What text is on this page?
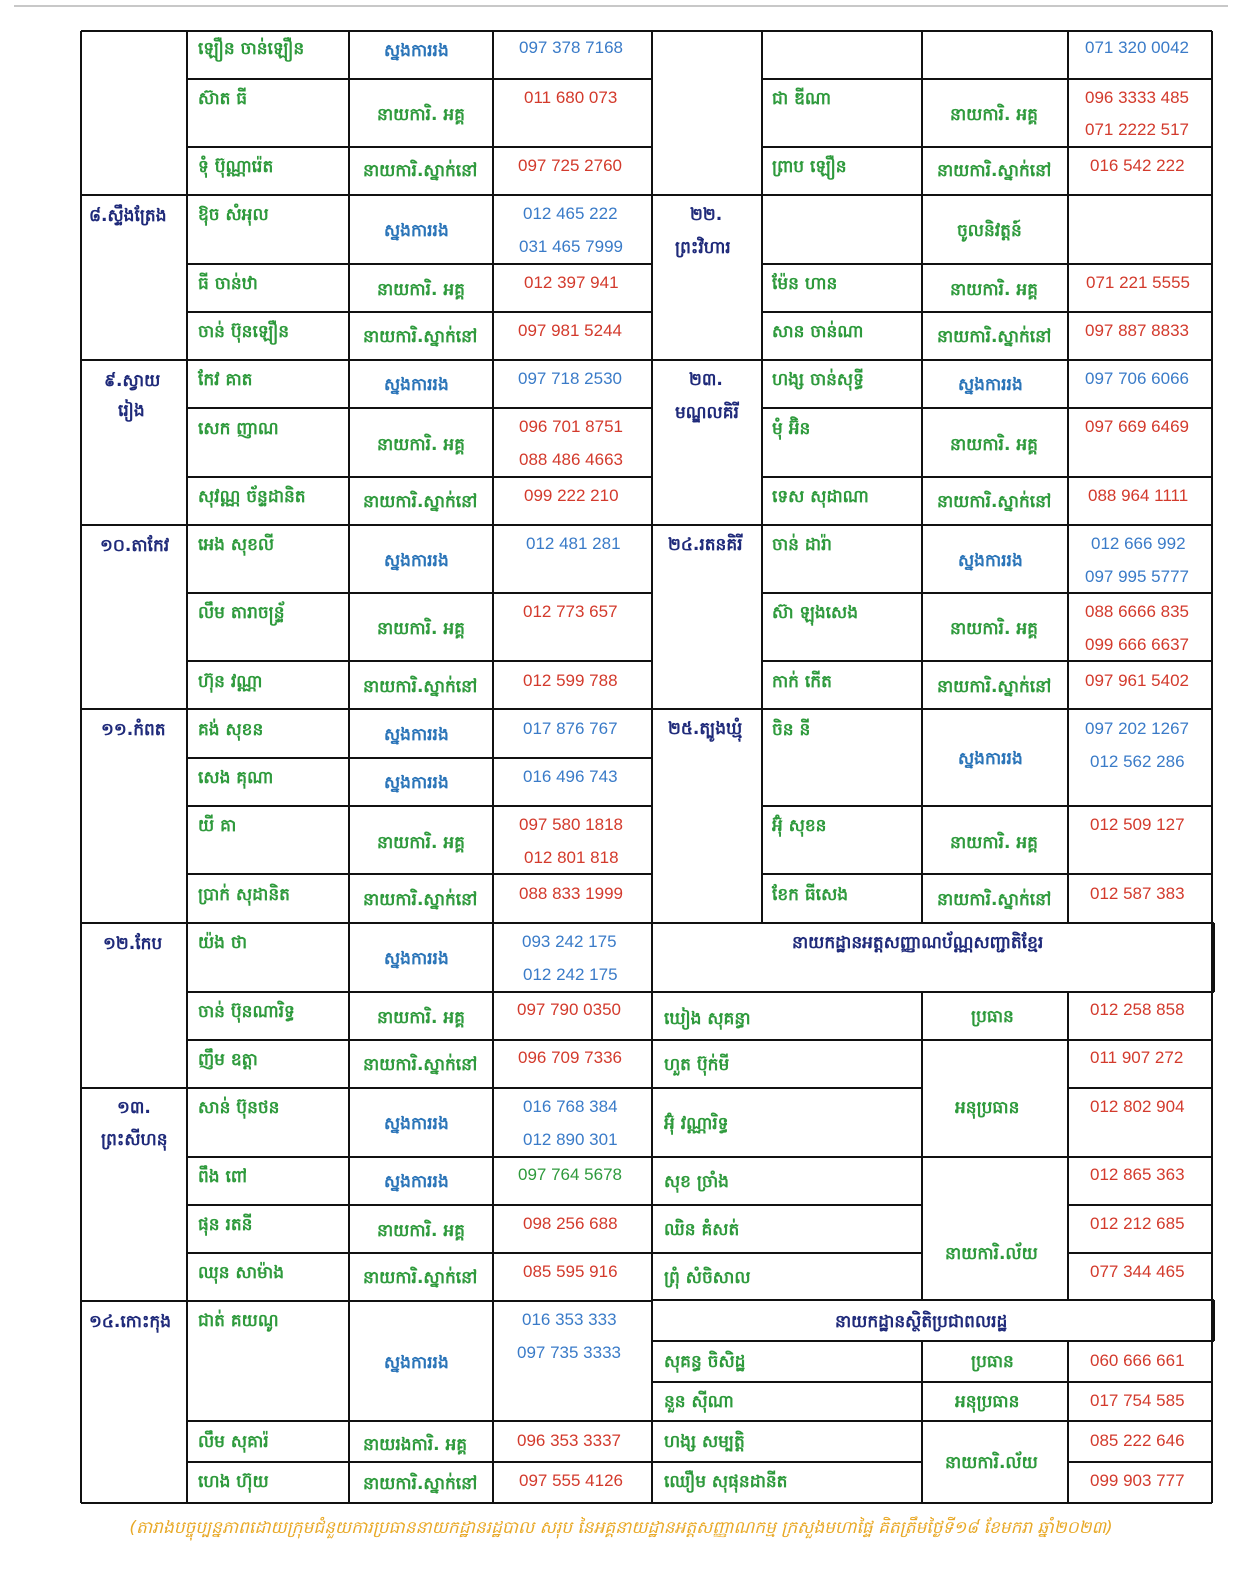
៨.ស្ទឹងត្រែង
៩.ស្វាយ
រៀង
១០.តាកែវ
១១.កំពត
១២.កែប
១៣.
ព្រះសីហនុ
១៤.កោះកុង
ឡឿន ចាន់ឡឿន
ស៊ាត ធី
ទុំ ប៊ុណ្ណារ៉េត
ឱុច សំអុល
ធី ចាន់ឋា
ចាន់ ប៊ុនឡឿន
កែវ គាត
សេក ញាណ
សុវណ្ណ ច័ន្ទដានិត
អេង សុខលី
លឹម តារាចន្ទ្រ័
ហ៊ុន វណ្ណា
គង់ សុខន
សេង គុណា
យី គា
ប្រាក់ សុដានិត
យ៉ង ថា
ចាន់ ប៊ុនណារិទ្ធ
ញឹម ឧត្តា
សាន់ ប៊ុនថន
ពឹង ពៅ
ផុន រតនី
ឈុន សាម៉ាង
ជាត់ គយណូ
លឹម សុគារ៉
ហេង ហ៊ុយ
ស្នងការរង
នាយការិ. អគ្គ
នាយការិ.ស្នាក់នៅ
ស្នងការរង
នាយការិ. អគ្គ
នាយការិ.ស្នាក់នៅ
ស្នងការរង
នាយការិ. អគ្គ
នាយការិ.ស្នាក់នៅ
ស្នងការរង
នាយការិ. អគ្គ
នាយការិ.ស្នាក់នៅ
ស្នងការរង
ស្នងការរង
នាយការិ. អគ្គ
នាយការិ.ស្នាក់នៅ
ស្នងការរង
នាយការិ. អគ្គ
នាយការិ.ស្នាក់នៅ
ស្នងការរង
ស្នងការរង
នាយការិ. អគ្គ
នាយការិ.ស្នាក់នៅ
ស្នងការរង
នាយរងការិ. អគ្គ
នាយការិ.ស្នាក់នៅ
097 378 7168
011 680 073
097 725 2760
012 465 222
031 465 7999
012 397 941
097 981 5244
097 718 2530
096 701 8751
088 486 4663
099 222 210
012 481 281
012 773 657
012 599 788
017 876 767
016 496 743
097 580 1818
012 801 818
088 833 1999
093 242 175
012 242 175
097 790 0350
096 709 7336
016 768 384
012 890 301
097 764 5678
098 256 688
085 595 916
016 353 333
097 735 3333
096 353 3337
097 555 4126
២២.
ព្រះវិហារ
២៣.
មណ្ឌលគិរី
២៤.រតនគិរី
២៥.ត្បូងឃ្មុំ
ជា ឌីណា
ព្រាប ឡឿន
ម៉ែន ហាន
សាន ចាន់ណា
ហង្ស ចាន់សុទ្ធី
មុំ អ៊ិន
ទេស សុដាណា
ចាន់ ដារ៉ា
ស៊ា ឡុងសេង
កាក់ កើត
ចិន នី
អ៊ុំ សុខន
ខែក ធីសេង
ចូលនិវត្តន៍
នាយការិ. អគ្គ
នាយការិ.ស្នាក់នៅ
នាយការិ. អគ្គ
នាយការិ.ស្នាក់នៅ
ស្នងការរង
នាយការិ. អគ្គ
នាយការិ.ស្នាក់នៅ
ស្នងការរង
នាយការិ. អគ្គ
នាយការិ.ស្នាក់នៅ
ស្នងការរង
នាយការិ. អគ្គ
នាយការិ.ស្នាក់នៅ
071 320 0042
096 3333 485
071 2222 517
016 542 222
071 221 5555
097 887 8833
097 706 6066
097 669 6469
088 964 1111
012 666 992
097 995 5777
088 6666 835
099 666 6637
097 961 5402
097 202 1267
012 562 286
012 509 127
012 587 383
នាយកដ្ឋានអត្តសញ្ញាណប័ណ្ណសញ្ជាតិខ្មែរ
ឃៀង សុគន្ធា
ហួត ប៊ុក់មី
អ៊ុំ វណ្ណារិទ្ធ
សុខ ច្រាំង
ឈិន គំសត់
ព្រុំ សំចិសាល
ប្រធាន
អនុប្រធាន
នាយការិ.ល័យ
012 258 858
011 907 272
012 802 904
012 865 363
012 212 685
077 344 465
នាយកដ្ឋានស្ថិតិប្រជាពលរដ្ឋ
សុគន្ធ ចិសិដ្ឋ
នួន ស៊ីណា
ហង្ស សម្បត្តិ
ឈឿម សុផុនដានីត
ប្រធាន
អនុប្រធាន
នាយការិ.ល័យ
060 666 661
017 754 585
085 222 646
099 903 777
(តារាងបច្ចុប្បន្នភាពដោយក្រុមជំនួយការប្រធាននាយកដ្ឋានរដ្ឋបាល សរុប នៃអគ្គនាយដ្ឋានអត្តសញ្ញាណកម្ម ក្រសួងមហាផ្ទៃ គិតត្រឹមថ្ងៃទី១៨ ខែមករា ឆ្នាំ២០២៣)
